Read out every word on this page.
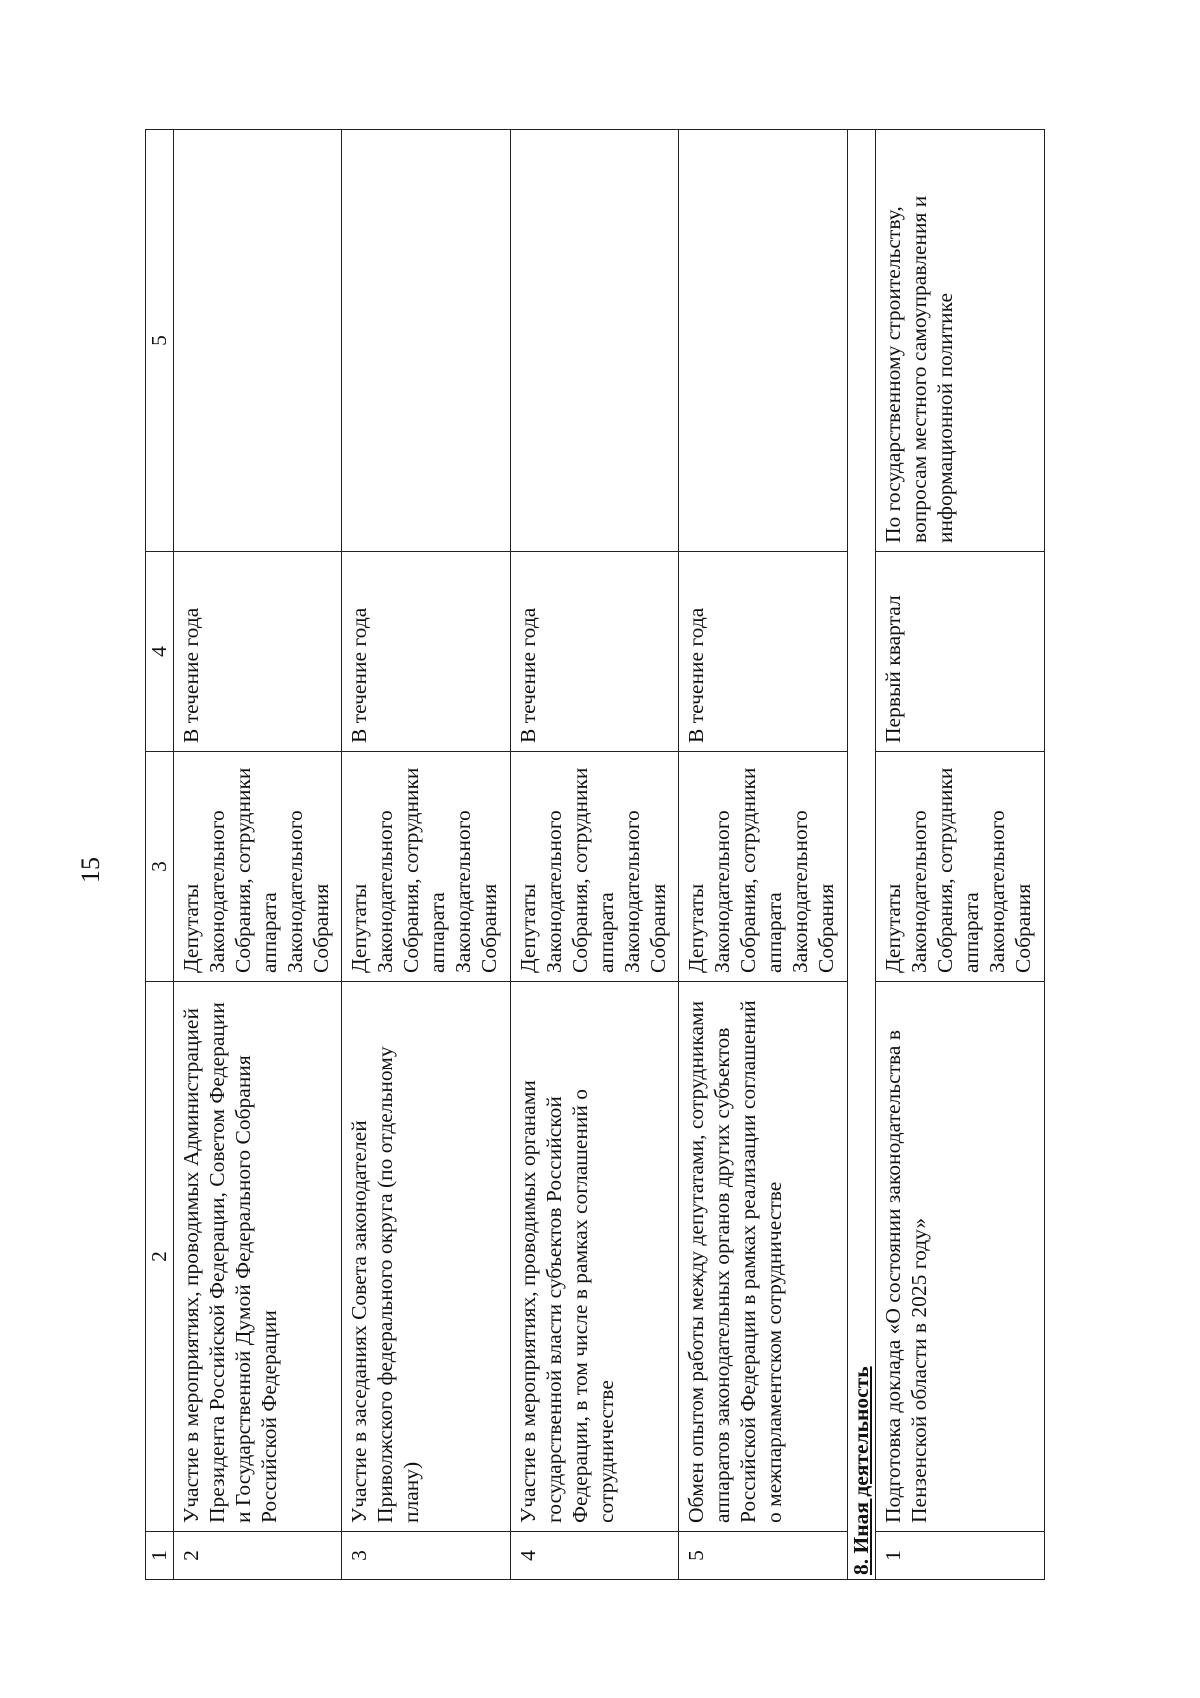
15
1	2	3	4	5
2	Участие в мероприятиях, проводимых Администрацией Президента Российской Федерации, Советом Федерации и Государственной Думой Федерального Собрания Российской Федерации	Депутаты Законодательного Собрания, сотрудники аппарата Законодательного Собрания	В течение года	
3	Участие в заседаниях Совета законодателей Приволжского федерального округа (по отдельному плану)	Депутаты Законодательного Собрания, сотрудники аппарата Законодательного Собрания	В течение года	
4	Участие в мероприятиях, проводимых органами государственной власти субъектов Российской Федерации, в том числе в рамках соглашений о сотрудничестве	Депутаты Законодательного Собрания, сотрудники аппарата Законодательного Собрания	В течение года	
5	Обмен опытом работы между депутатами, сотрудниками аппаратов законодательных органов других субъектов Российской Федерации в рамках реализации соглашений о межпарламентском сотрудничестве	Депутаты Законодательного Собрания, сотрудники аппарата Законодательного Собрания	В течение года	
8. Иная деятельность				
1	Подготовка доклада «О состоянии законодательства в Пензенской области в 2025 году»	Депутаты Законодательного Собрания, сотрудники аппарата Законодательного Собрания	Первый квартал	По государственному строительству, вопросам местного самоуправления и информационной политике
